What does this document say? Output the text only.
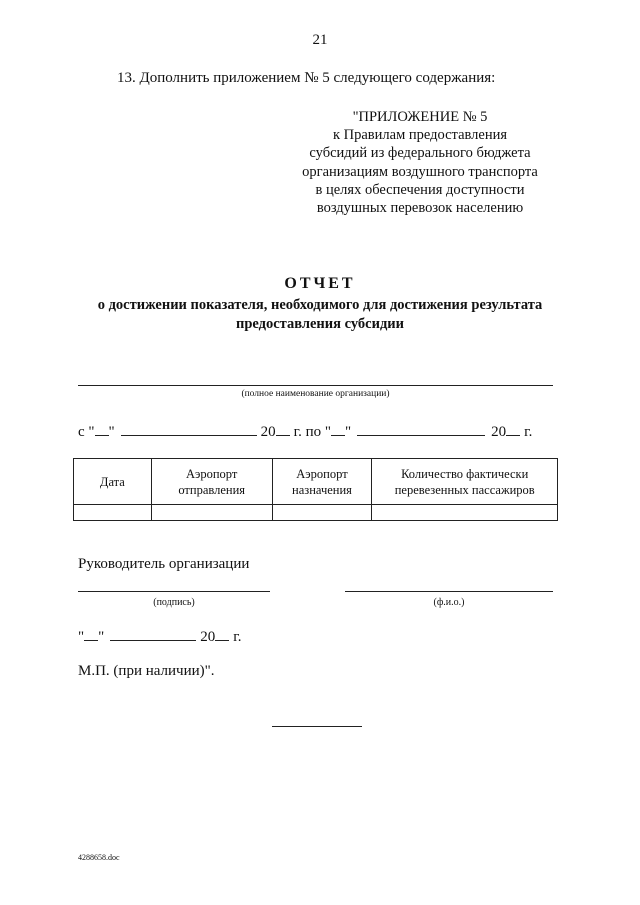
21
13. Дополнить приложением № 5 следующего содержания:
"ПРИЛОЖЕНИЕ № 5
к Правилам предоставления
субсидий из федерального бюджета
организациям воздушного транспорта
в целях обеспечения доступности
воздушных перевозок населению
ОТЧЕТ
о достижении показателя, необходимого для достижения результата предоставления субсидии
(полное наименование организации)
с " "	20 г. по " "	20 г.
Дата	Аэропорт отправления	Аэропорт назначения	Количество фактически перевезенных пассажиров

Руководитель организации
(подпись)	(ф.и.о.)
" "	20 г.
М.П. (при наличии)".
4288658.doc
